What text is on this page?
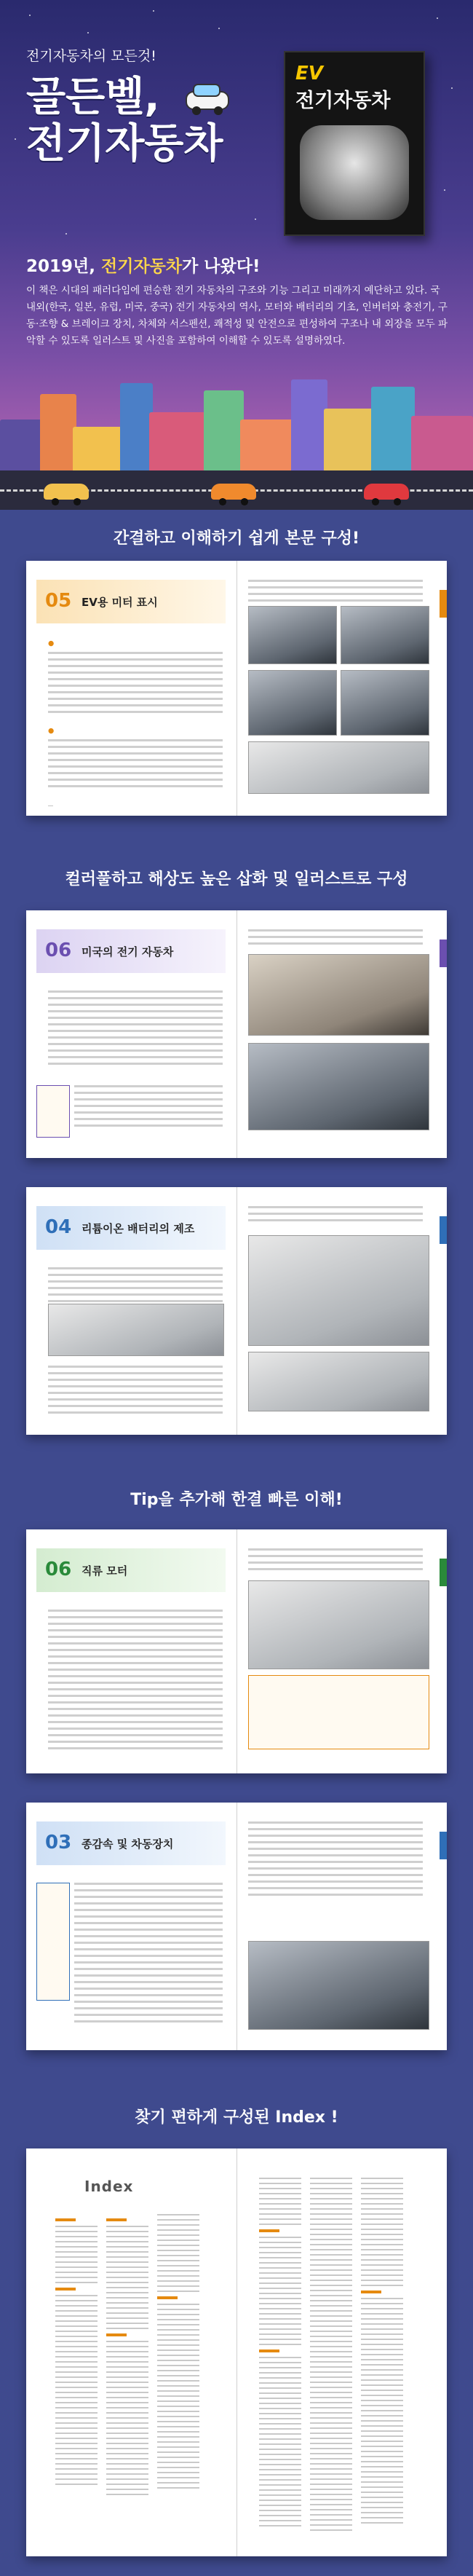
전기자동차의 모든것!
골든벨,
전기자동차
EV
전기자동차
2019년, 전기자동차가 나왔다!
이 책은 시대의 패러다임에 편승한 전기 자동차의 구조와 기능 그리고 미래까지 예단하고 있다. 국내외(한국, 일본, 유럽, 미국, 중국) 전기 자동차의 역사, 모터와 배터리의 기초, 인버터와 충전기, 구동·조향 & 브레이크 장치, 차체와 서스펜션, 쾌적성 및 안전으로 편성하여 구조나 내 외장을 모두 파악할 수 있도록 일러스트 및 사진을 포함하여 이해할 수 있도록 설명하였다.
간결하고 이해하기 쉽게 본문 구성!
05 EV용 미터 표시
●
●
―
컬러풀하고 해상도 높은 삽화 및 일러스트로 구성
06 미국의 전기 자동차
04 리튬이온 배터리의 제조
Tip을 추가해 한결 빠른 이해!
06 직류 모터
03 종감속 및 차동장치
찾기 편하게 구성된 Index !
Index
